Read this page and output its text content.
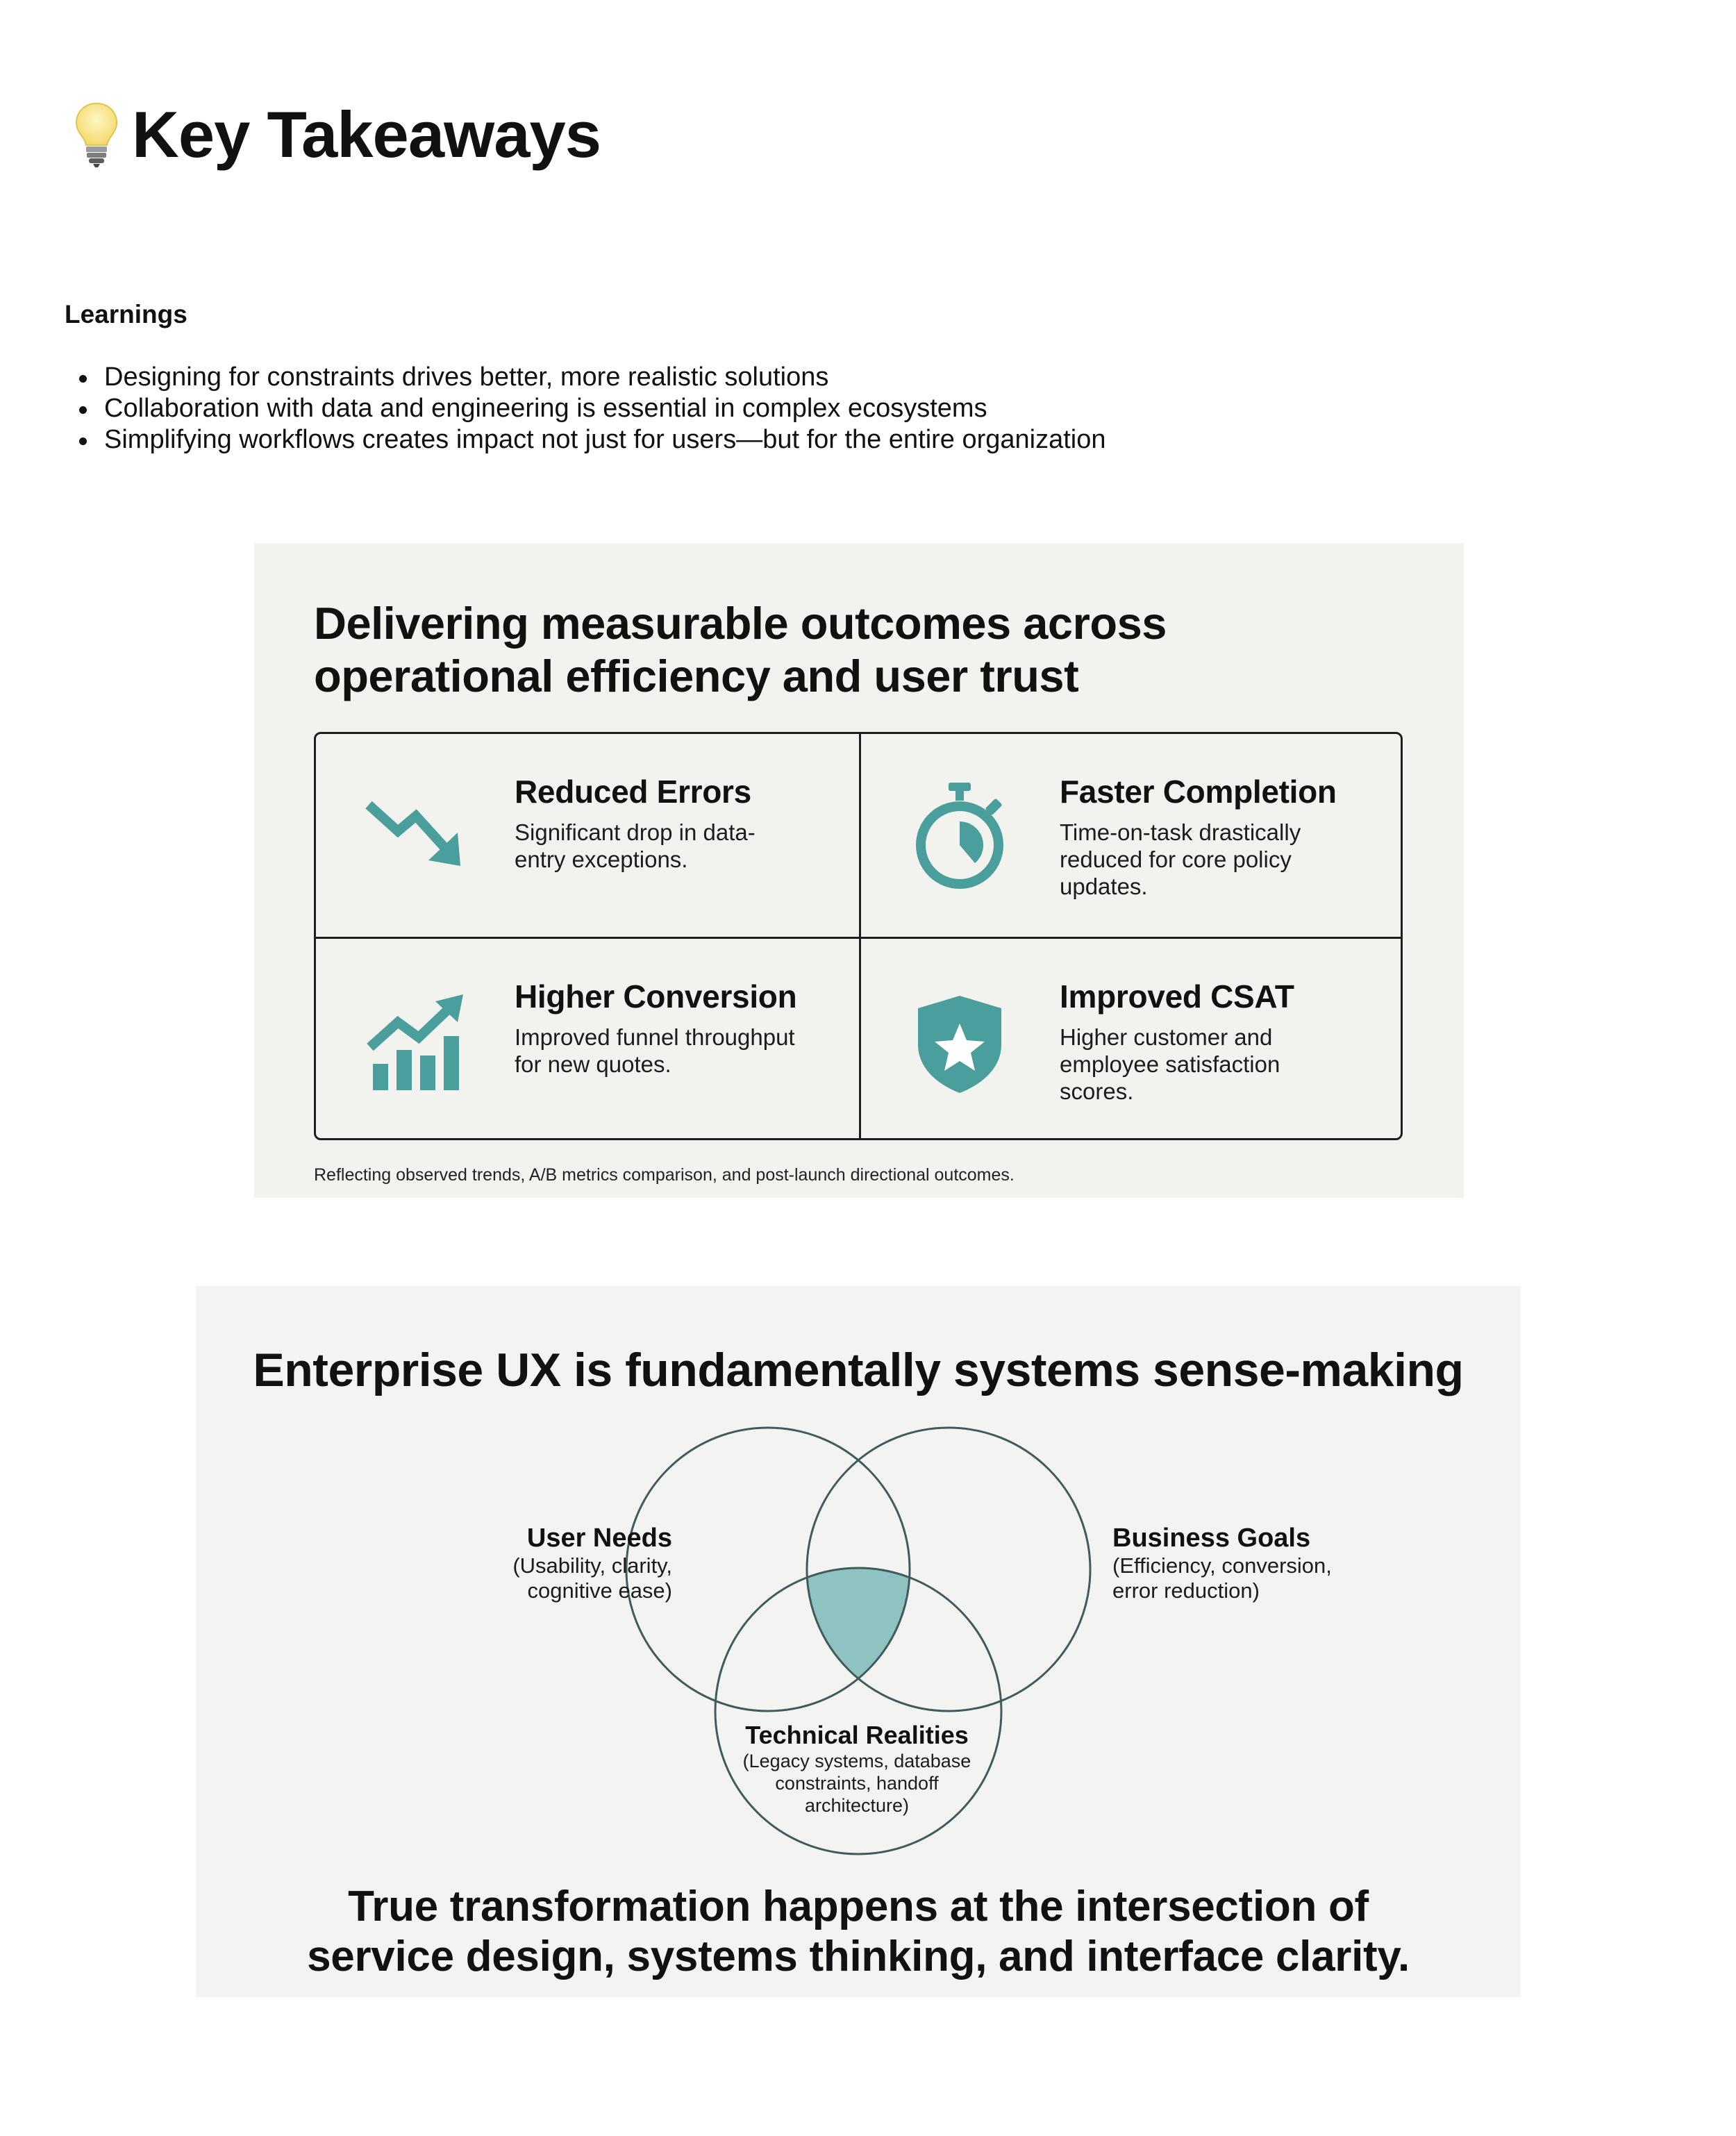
Key Takeaways
Learnings
Designing for constraints drives better, more realistic solutions
Collaboration with data and engineering is essential in complex ecosystems
Simplifying workflows creates impact not just for users—but for the entire organization
Delivering measurable outcomes across
operational efficiency and user trust
Reduced Errors
Significant drop in data-entry exceptions.
Faster Completion
Time-on-task drastically reduced for core policy updates.
Higher Conversion
Improved funnel throughput for new quotes.
Improved CSAT
Higher customer and employee satisfaction scores.
Reflecting observed trends, A/B metrics comparison, and post-launch directional outcomes.
Enterprise UX is fundamentally systems sense-making
User Needs
(Usability, clarity,
cognitive ease)
Business Goals
(Efficiency, conversion,
error reduction)
Technical Realities
(Legacy systems, database
constraints, handoff
architecture)
True transformation happens at the intersection of
service design, systems thinking, and interface clarity.
